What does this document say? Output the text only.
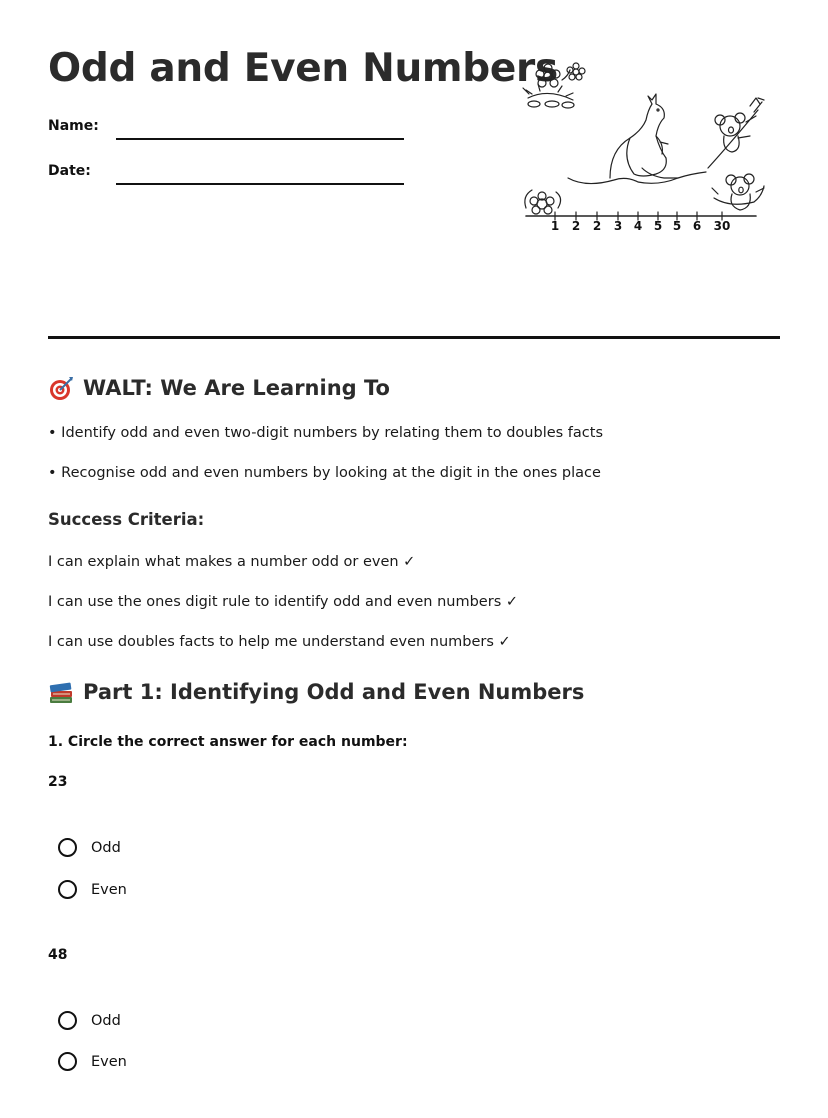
Odd and Even Numbers
Name:
Date:
1 2 2 3 4 5 5 6 30
WALT: We Are Learning To
• Identify odd and even two-digit numbers by relating them to doubles facts
• Recognise odd and even numbers by looking at the digit in the ones place
Success Criteria:
I can explain what makes a number odd or even ✓
I can use the ones digit rule to identify odd and even numbers ✓
I can use doubles facts to help me understand even numbers ✓
Part 1: Identifying Odd and Even Numbers
1. Circle the correct answer for each number:
23
Odd
Even
48
Odd
Even
